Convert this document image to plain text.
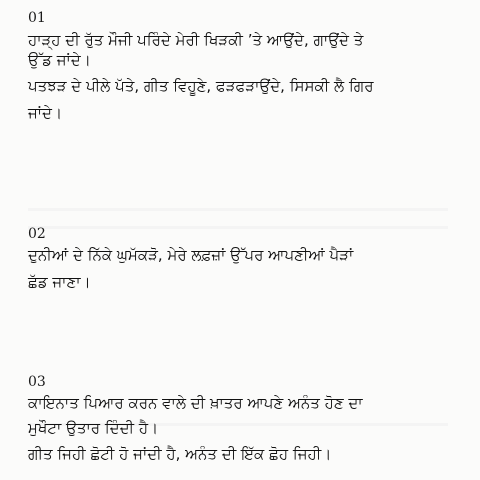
01
ਹਾੜ੍ਹ ਦੀ ਰੁੱਤ ਮੌਜੀ ਪਰਿੰਦੇ ਮੇਰੀ ਖਿੜਕੀ ’ਤੇ ਆਉਂਦੇ, ਗਾਉਂਦੇ ਤੇ
ਉੱਡ ਜਾਂਦੇ।
ਪਤਝੜ ਦੇ ਪੀਲੇ ਪੱਤੇ, ਗੀਤ ਵਿਹੂਣੇ, ਫੜਫੜਾਉਂਦੇ, ਸਿਸਕੀ ਲੈ ਗਿਰ
ਜਾਂਦੇ।
02
ਦੁਨੀਆਂ ਦੇ ਨਿੱਕੇ ਘੁਮੱਕੜੋ, ਮੇਰੇ ਲਫ਼ਜ਼ਾਂ ਉੱਪਰ ਆਪਣੀਆਂ ਪੈੜਾਂ
ਛੱਡ ਜਾਣਾ।
03
ਕਾਇਨਾਤ ਪਿਆਰ ਕਰਨ ਵਾਲੇ ਦੀ ਖ਼ਾਤਰ ਆਪਣੇ ਅਨੰਤ ਹੋਣ ਦਾ
ਮੁਖੌਟਾ ਉਤਾਰ ਦਿੰਦੀ ਹੈ।
ਗੀਤ ਜਿਹੀ ਛੋਟੀ ਹੋ ਜਾਂਦੀ ਹੈ, ਅਨੰਤ ਦੀ ਇੱਕ ਛੋਹ ਜਿਹੀ।
